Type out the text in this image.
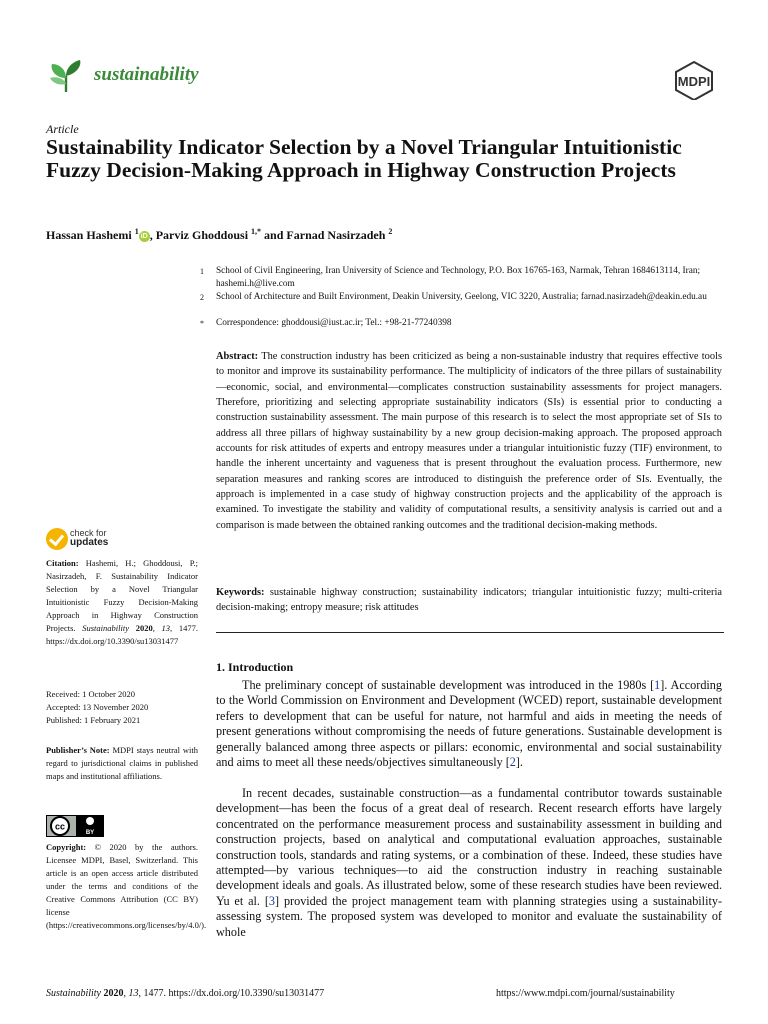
sustainability	MDPI
Article
Sustainability Indicator Selection by a Novel Triangular Intuitionistic Fuzzy Decision-Making Approach in Highway Construction Projects
Hassan Hashemi $^1$iD , Parviz Ghoddousi $^{1,*}$ and Farnad Nasirzadeh $^2$
1 School of Civil Engineering, Iran University of Science and Technology, P.O. Box 16765-163, Narmak, Tehran 1684613114, Iran; hashemi.h@live.com
2 School of Architecture and Built Environment, Deakin University, Geelong, VIC 3220, Australia; farnad.nasirzadeh@deakin.edu.au
* Correspondence: ghoddousi@iust.ac.ir; Tel.: +98-21-77240398
Abstract: The construction industry has been criticized as being a non-sustainable industry that requires effective tools to monitor and improve its sustainability performance. The multiplicity of indicators of the three pillars of sustainability—economic, social, and environmental—complicates construction sustainability assessments for project managers. Therefore, prioritizing and selecting appropriate sustainability indicators (SIs) is essential prior to conducting a construction sustainability assessment. The main purpose of this research is to select the most appropriate set of SIs to address all three pillars of highway sustainability by a new group decision-making approach. The proposed approach accounts for risk attitudes of experts and entropy measures under a triangular intuitionistic fuzzy (TIF) environment, to handle the inherent uncertainty and vagueness that is present throughout the evaluation process. Furthermore, new separation measures and ranking scores are introduced to distinguish the preference order of SIs. Eventually, the approach is implemented in a case study of highway construction projects and the applicability of the approach is examined. To investigate the stability and validity of computational results, a sensitivity analysis is carried out and a comparison is made between the obtained ranking outcomes and the traditional decision-making methods.
Keywords: sustainable highway construction; sustainability indicators; triangular intuitionistic fuzzy; multi-criteria decision-making; entropy measure; risk attitudes
1. Introduction
The preliminary concept of sustainable development was introduced in the 1980s [1]. According to the World Commission on Environment and Development (WCED) report, sustainable development refers to development that can be useful for nature, not harmful and aids in meeting the needs of present generations without compromising the needs of future generations. Sustainable development is generally balanced among three aspects or pillars: economic, environmental and social sustainability and aims to meet all these needs/objectives simultaneously [2].
In recent decades, sustainable construction—as a fundamental contributor towards sustainable development—has been the focus of a great deal of research. Recent research efforts have largely concentrated on the performance measurement process and sustainability assessment in building and construction projects, based on analytical and computational evaluation approaches, sustainable construction tools, standards and rating systems, or a combination of these. Indeed, these studies have attempted—by various techniques—to aid the construction industry in reaching sustainable development ideals and goals. As illustrated below, some of these research studies have been reviewed. Yu et al. [3] provided the project management team with planning strategies using a sustainability-assessing system. The proposed system was developed to monitor and evaluate the sustainability of whole
check for
updates
Citation: Hashemi, H.; Ghoddousi, P.; Nasirzadeh, F. Sustainability Indicator Selection by a Novel Triangular Intuitionistic Fuzzy Decision-Making Approach in Highway Construction Projects. Sustainability 2020, 13, 1477. https://dx.doi.org/10.3390/su13031477
Received: 1 October 2020
Accepted: 13 November 2020
Published: 1 February 2021
Publisher’s Note: MDPI stays neutral with regard to jurisdictional claims in published maps and institutional affiliations.
cc
BY
Copyright: © 2020 by the authors. Licensee MDPI, Basel, Switzerland. This article is an open access article distributed under the terms and conditions of the Creative Commons Attribution (CC BY) license (https://creativecommons.org/licenses/by/4.0/).
Sustainability 2020, 13, 1477. https://dx.doi.org/10.3390/su13031477	https://www.mdpi.com/journal/sustainability
